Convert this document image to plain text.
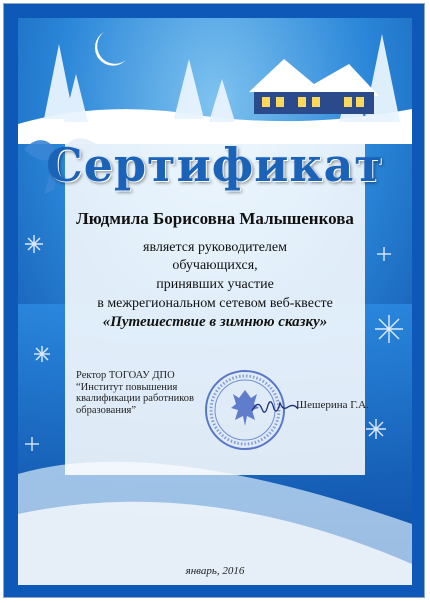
Сертификат
Людмила Борисовна Малышенкова
является руководителем
обучающихся,
принявших участие
в межрегиональном сетевом веб-квесте
«Путешествие в зимнюю сказку»
Ректор ТОГОАУ ДПО
“Институт повышения
квалификации работников
образования”	Шешерина Г.А.
январь, 2016
